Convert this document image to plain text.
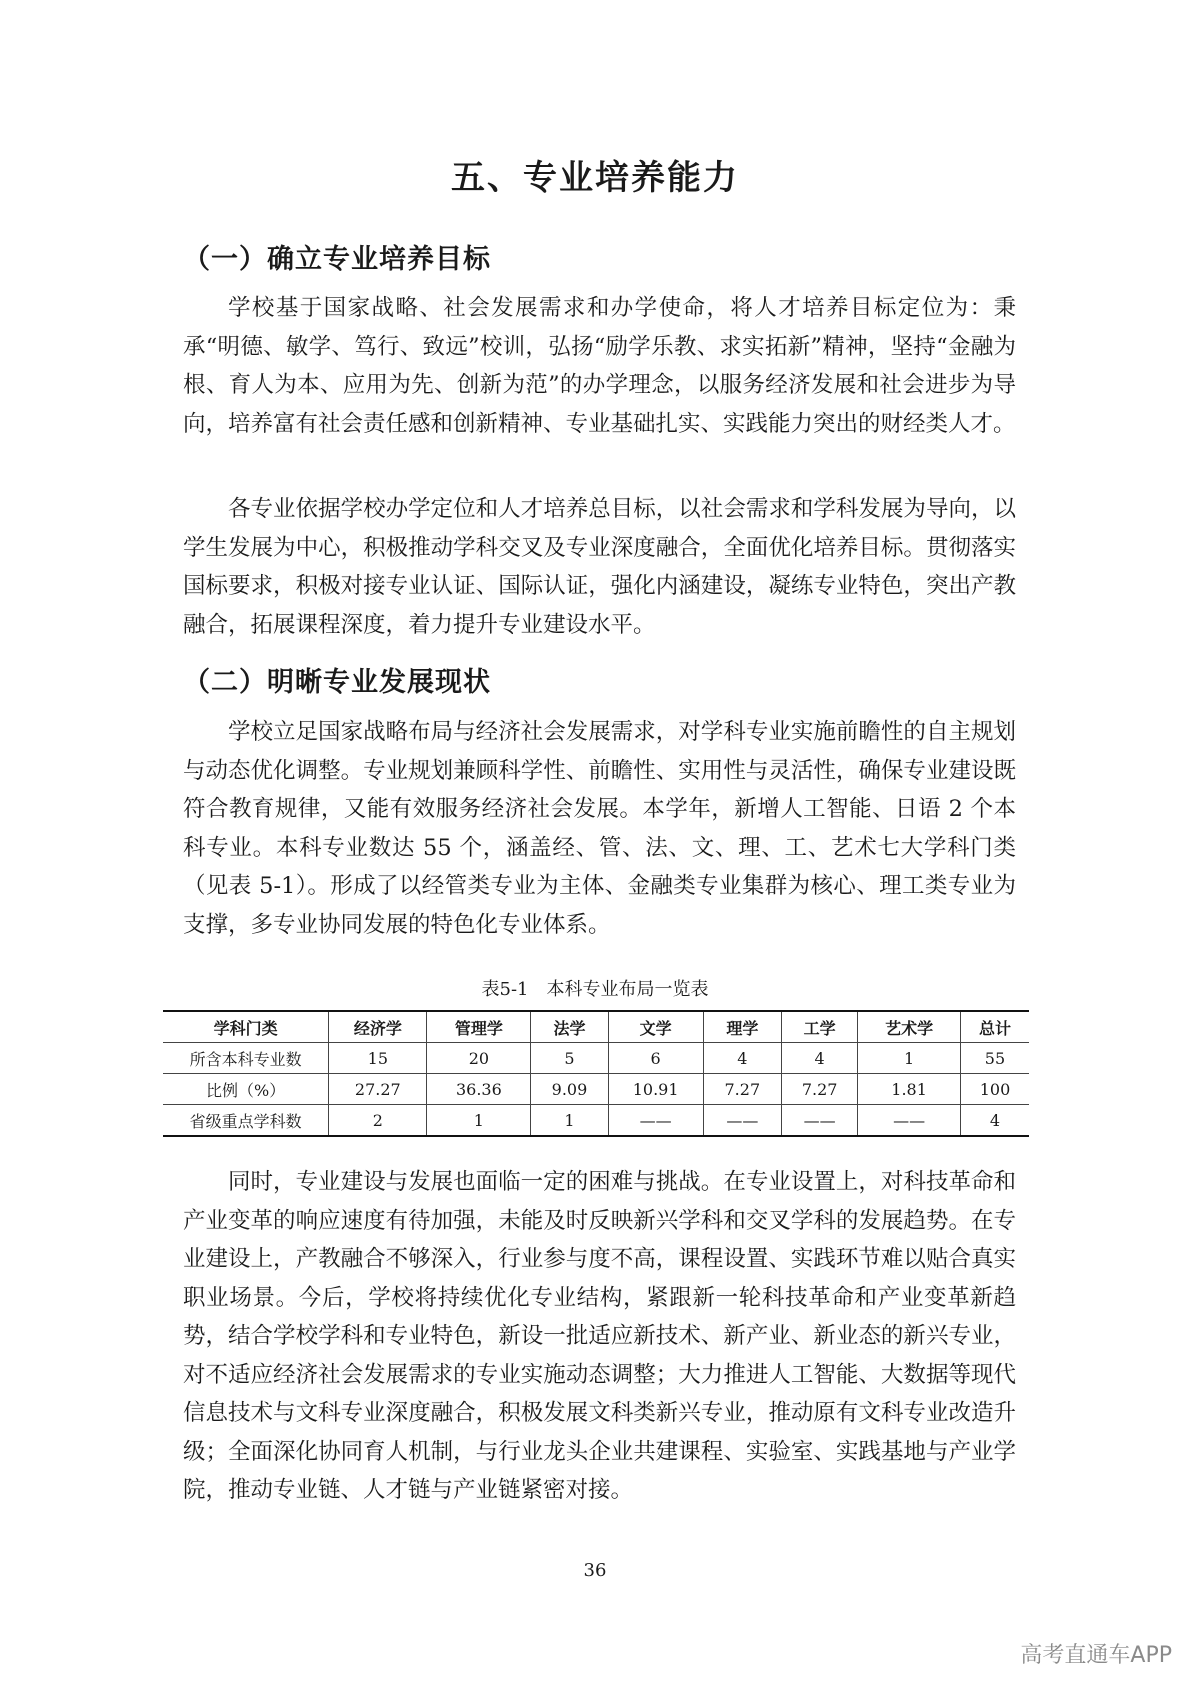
五、专业培养能力
（一）确立专业培养目标

学校基于国家战略、社会发展需求和办学使命，将人才培养目标定位为：秉承“明德、敏学、笃行、致远”校训，弘扬“励学乐教、求实拓新”精神，坚持“金融为根、育人为本、应用为先、创新为范”的办学理念，以服务经济发展和社会进步为导向，培养富有社会责任感和创新精神、专业基础扎实、实践能力突出的财经类人才。

各专业依据学校办学定位和人才培养总目标，以社会需求和学科发展为导向，以学生发展为中心，积极推动学科交叉及专业深度融合，全面优化培养目标。贯彻落实国标要求，积极对接专业认证、国际认证，强化内涵建设，凝练专业特色，突出产教融合，拓展课程深度，着力提升专业建设水平。

（二）明晰专业发展现状

学校立足国家战略布局与经济社会发展需求，对学科专业实施前瞻性的自主规划与动态优化调整。专业规划兼顾科学性、前瞻性、实用性与灵活性，确保专业建设既符合教育规律，又能有效服务经济社会发展。本学年，新增人工智能、日语 2 个本科专业。本科专业数达 55 个，涵盖经、管、法、文、理、工、艺术七大学科门类（见表 5-1）。形成了以经管类专业为主体、金融类专业集群为核心、理工类专业为支撑，多专业协同发展的特色化专业体系。

表5-1 本科专业布局一览表
学科门类	经济学	管理学	法学	文学	理学	工学	艺术学	总计
所含本科专业数	15	20	5	6	4	4	1	55
比例（%）	27.27	36.36	9.09	10.91	7.27	7.27	1.81	100
省级重点学科数	2	1	1	——	——	——	——	4

同时，专业建设与发展也面临一定的困难与挑战。在专业设置上，对科技革命和产业变革的响应速度有待加强，未能及时反映新兴学科和交叉学科的发展趋势。在专业建设上，产教融合不够深入，行业参与度不高，课程设置、实践环节难以贴合真实职业场景。今后，学校将持续优化专业结构，紧跟新一轮科技革命和产业变革新趋势，结合学校学科和专业特色，新设一批适应新技术、新产业、新业态的新兴专业，对不适应经济社会发展需求的专业实施动态调整；大力推进人工智能、大数据等现代信息技术与文科专业深度融合，积极发展文科类新兴专业，推动原有文科专业改造升级；全面深化协同育人机制，与行业龙头企业共建课程、实验室、实践基地与产业学院，推动专业链、人才链与产业链紧密对接。

36
高考直通车APP
